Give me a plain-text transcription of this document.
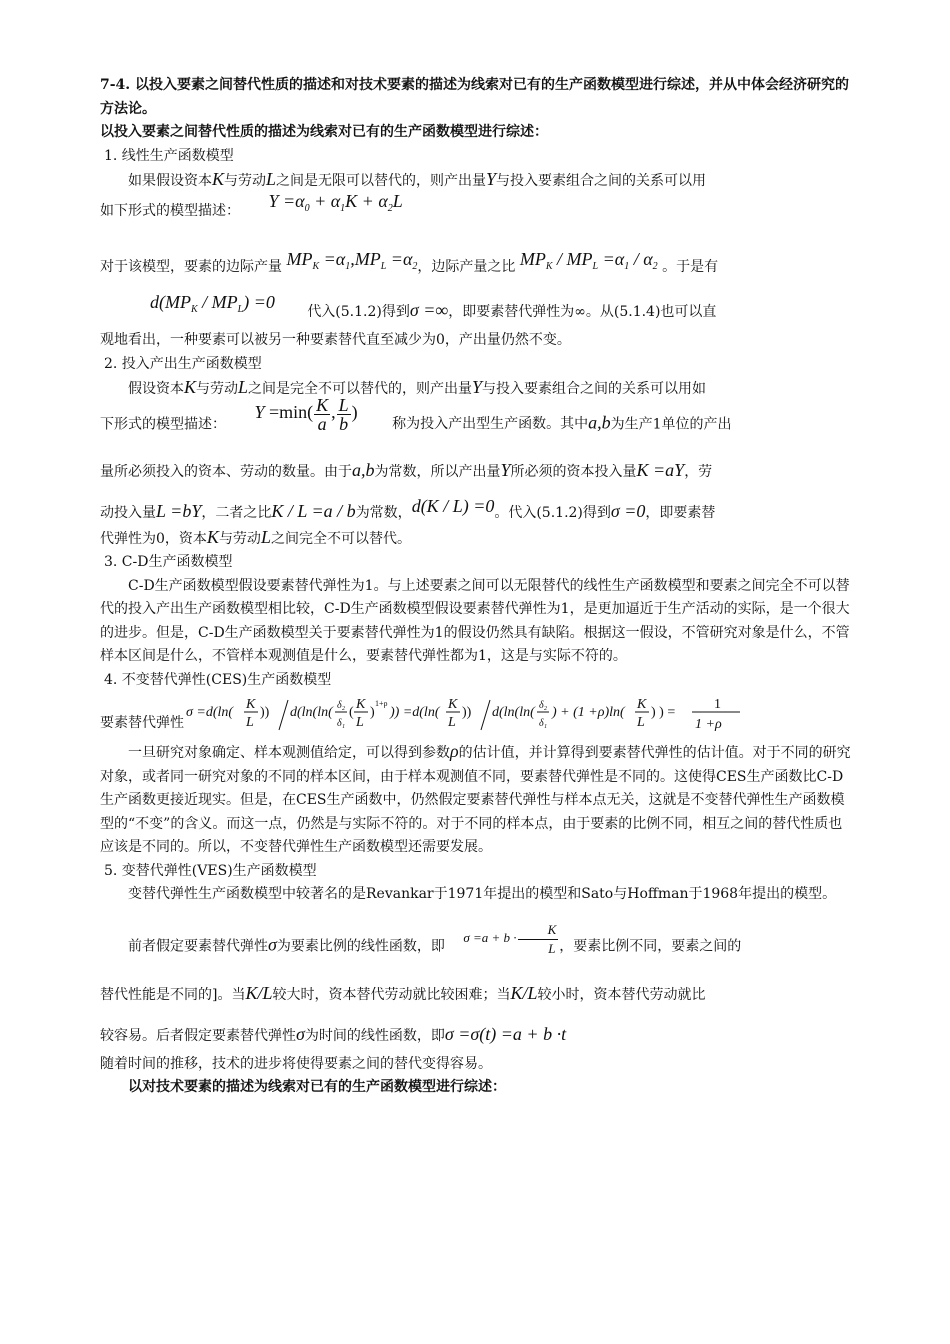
7-4. 以投入要素之间替代性质的描述和对技术要素的描述为线索对已有的生产函数模型进行综述，并从中体会经济研究的方法论。

以投入要素之间替代性质的描述为线索对已有的生产函数模型进行综述：

1. 线性生产函数模型

如果假设资本K与劳动L之间是无限可以替代的，则产出量Y与投入要素组合之间的关系可以用

如下形式的模型描述： $Y =\alpha_0 + \alpha_1K + \alpha_2L$

对于该模型，要素的边际产量 $MP_K =\alpha_1,MP_L =\alpha_2$，边际产量之比 $MP_K / MP_L =\alpha_1 / \alpha_2$ 。于是有

$d(MP_K / MP_L) =0$ 代入(5.1.2)得到σ =∞，即要素替代弹性为∞。从(5.1.4)也可以直

观地看出，一种要素可以被另一种要素替代直至减少为0，产出量仍然不变。

2. 投入产出生产函数模型

假设资本K与劳动L之间是完全不可以替代的，则产出量Y与投入要素组合之间的关系可以用如

下形式的模型描述： $Y =\min( \frac{K}{a}$ , $\frac{L}{b}$ ) 称为投入产出型生产函数。其中a,b为生产1单位的产出

量所必须投入的资本、劳动的数量。由于a,b为常数，所以产出量Y所必须的资本投入量K =aY，劳

动投入量L =bY，二者之比K / L =a / b为常数，d(K / L) =0。代入(5.1.2)得到σ =0，即要素替

代弹性为0，资本K与劳动L之间完全不可以替代。

3. C-D生产函数模型

C-D生产函数模型假设要素替代弹性为1。与上述要素之间可以无限替代的线性生产函数模型和要素之间完全不可以替代的投入产出生产函数模型相比较，C-D生产函数模型假设要素替代弹性为1，是更加逼近于生产活动的实际，是一个很大的进步。但是，C-D生产函数模型关于要素替代弹性为1的假设仍然具有缺陷。根据这一假设，不管研究对象是什么，不管样本区间是什么，不管样本观测值是什么，要素替代弹性都为1，这是与实际不符的。

4. 不变替代弹性(CES)生产函数模型

要素替代弹性
σ =d(ln(
K
L
)) d(ln(ln( δ₂
δ₁
(
K
L
)
1+ρ
)) =d(ln(
K
L
)) d(ln(ln( δ₂
δ₁
) + (1 +ρ)ln(
K
L
) ) =
1
1 +ρ

一旦研究对象确定、样本观测值给定，可以得到参数ρ的估计值，并计算得到要素替代弹性的估计值。对于不同的研究对象，或者同一研究对象的不同的样本区间，由于样本观测值不同，要素替代弹性是不同的。这使得CES生产函数比C-D生产函数更接近现实。但是，在CES生产函数中，仍然假定要素替代弹性与样本点无关，这就是不变替代弹性生产函数模型的“不变”的含义。而这一点，仍然是与实际不符的。对于不同的样本点，由于要素的比例不同，相互之间的替代性质也应该是不同的。所以，不变替代弹性生产函数模型还需要发展。

5. 变替代弹性(VES)生产函数模型

变替代弹性生产函数模型中较著名的是Revankar于1971年提出的模型和Sato与Hoffman于1968年提出的模型。

前者假定要素替代弹性σ为要素比例的线性函数，即 $\sigma =a + b \cdot \frac{K}{L}$ ，要素比例不同，要素之间的

替代性能是不同的]。当K/L较大时，资本替代劳动就比较困难；当K/L较小时，资本替代劳动就比

较容易。后者假定要素替代弹性σ为时间的线性函数，即σ =σ(t) =a + b ·t

随着时间的推移，技术的进步将使得要素之间的替代变得容易。

以对技术要素的描述为线索对已有的生产函数模型进行综述：
